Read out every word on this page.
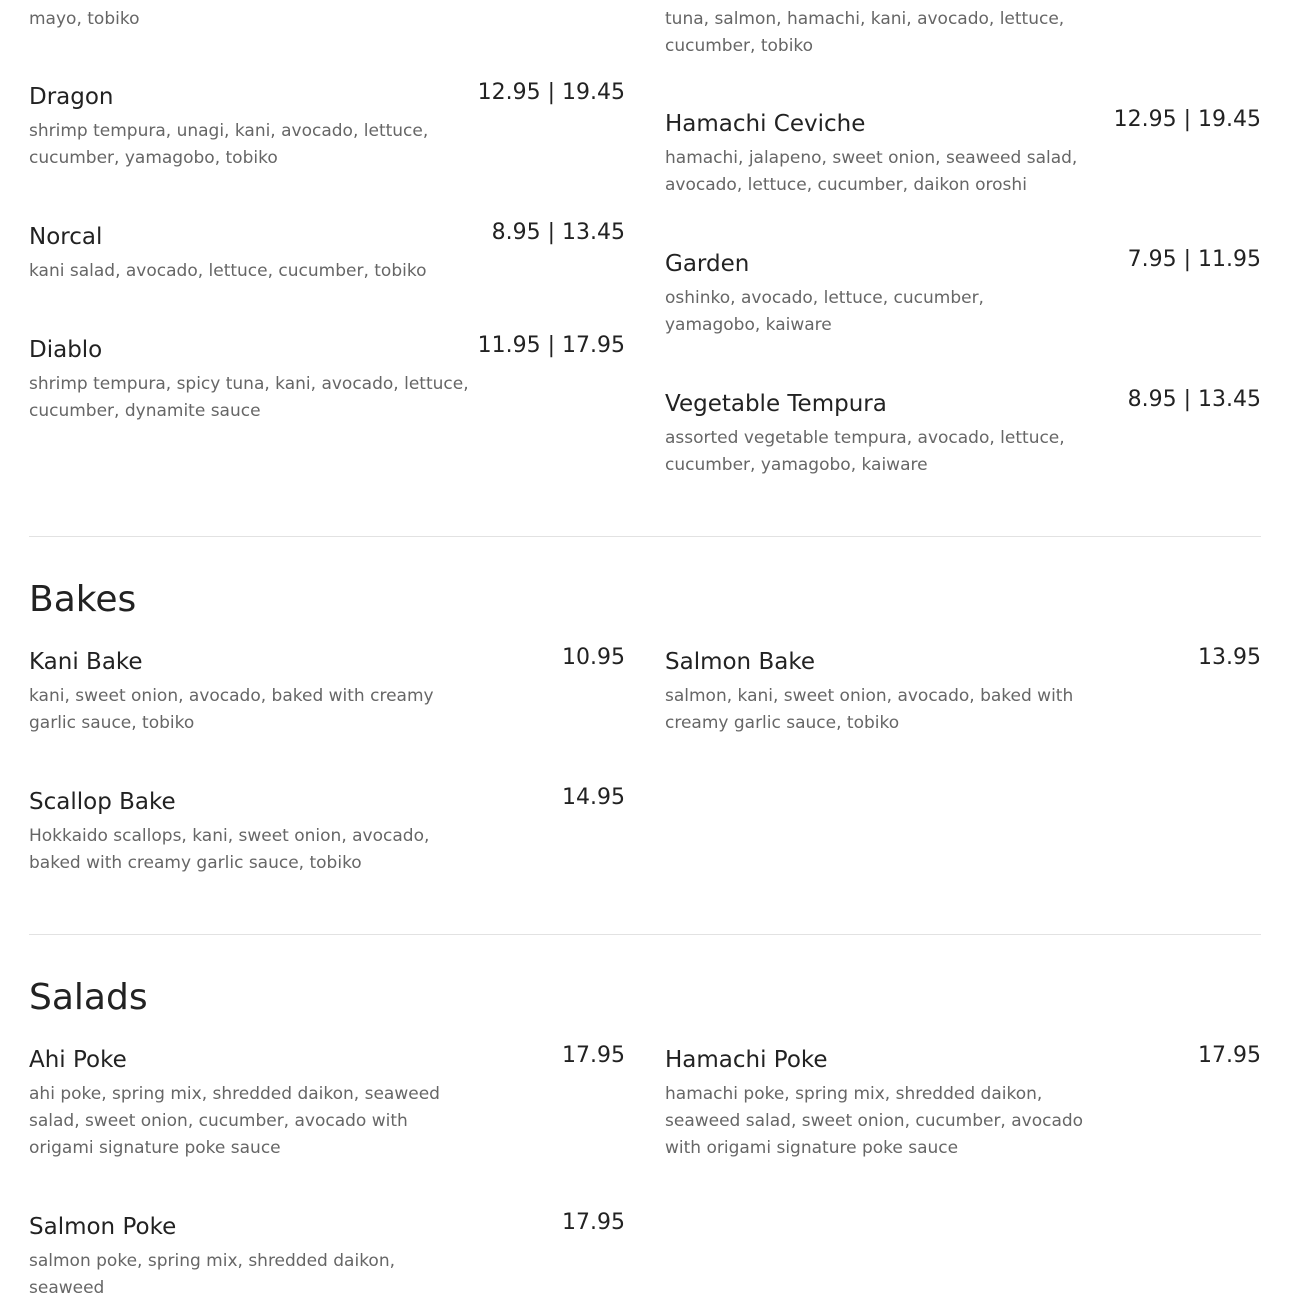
mayo, tobiko	tuna, salmon, hamachi, kani, avocado, lettuce, cucumber, tobiko
Dragon	12.95 | 19.45
shrimp tempura, unagi, kani, avocado, lettuce, cucumber, yamagobo, tobiko
Norcal	8.95 | 13.45
kani salad, avocado, lettuce, cucumber, tobiko
Diablo	11.95 | 17.95
shrimp tempura, spicy tuna, kani, avocado, lettuce, cucumber, dynamite sauce
Hamachi Ceviche	12.95 | 19.45
hamachi, jalapeno, sweet onion, seaweed salad, avocado, lettuce, cucumber, daikon oroshi
Garden	7.95 | 11.95
oshinko, avocado, lettuce, cucumber, yamagobo, kaiware
Vegetable Tempura	8.95 | 13.45
assorted vegetable tempura, avocado, lettuce, cucumber, yamagobo, kaiware
Bakes
Kani Bake	10.95
kani, sweet onion, avocado, baked with creamy garlic sauce, tobiko
Scallop Bake	14.95
Hokkaido scallops, kani, sweet onion, avocado, baked with creamy garlic sauce, tobiko
Salmon Bake	13.95
salmon, kani, sweet onion, avocado, baked with creamy garlic sauce, tobiko
Salads
Ahi Poke	17.95
ahi poke, spring mix, shredded daikon, seaweed salad, sweet onion, cucumber, avocado with origami signature poke sauce
Salmon Poke	17.95
salmon poke, spring mix, shredded daikon, seaweed
Hamachi Poke	17.95
hamachi poke, spring mix, shredded daikon, seaweed salad, sweet onion, cucumber, avocado with origami signature poke sauce
